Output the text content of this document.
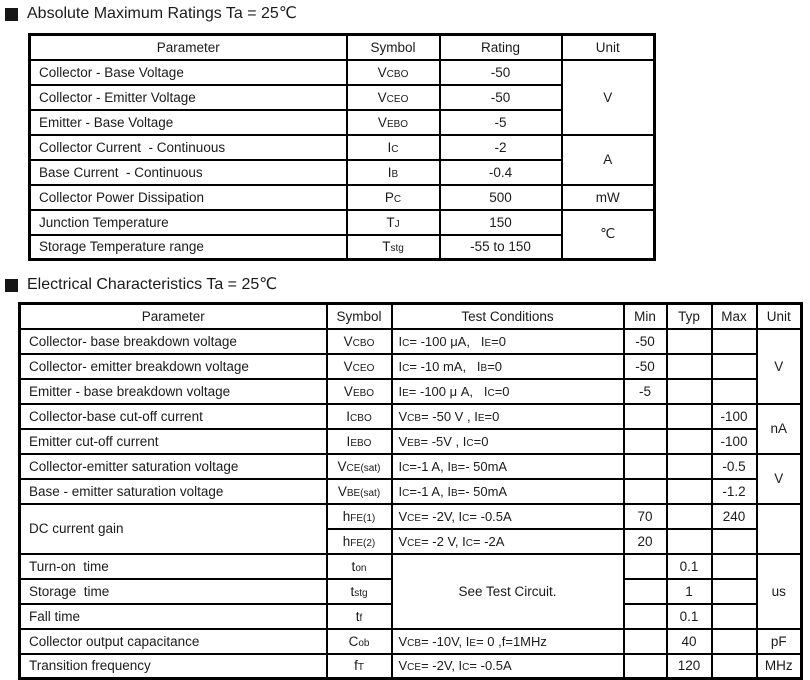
Absolute Maximum Ratings Ta = 25℃
Parameter	Symbol	Rating	Unit
Collector - Base Voltage	VCBO	-50	V
Collector - Emitter Voltage	VCEO	-50	
Emitter - Base Voltage	VEBO	-5	
Collector Current  - Continuous	IC	-2	A
Base Current  - Continuous	IB	-0.4	
Collector Power Dissipation	PC	500	mW
Junction Temperature	TJ	150	℃
Storage Temperature range	Tstg	-55 to 150	
Electrical Characteristics Ta = 25℃
Parameter	Symbol	Test Conditions	Min	Typ	Max	Unit
Collector- base breakdown voltage	VCBO	IC= -100 μA,   IE=0	-50			V
Collector- emitter breakdown voltage	VCEO	IC= -10 mA,   IB=0	-50			
Emitter - base breakdown voltage	VEBO	IE= -100 μ A,   IC=0	-5			
Collector-base cut-off current	ICBO	VCB= -50 V , IE=0			-100	nA
Emitter cut-off current	IEBO	VEB= -5V , IC=0			-100	
Collector-emitter saturation voltage	VCE(sat)	IC=-1 A, IB=- 50mA			-0.5	V
Base - emitter saturation voltage	VBE(sat)	IC=-1 A, IB=- 50mA			-1.2	
DC current gain	hFE(1)	VCE= -2V, IC= -0.5A	70		240	
	hFE(2)	VCE= -2 V, IC= -2A	20			
Turn-on  time	ton	See Test Circuit.		0.1		us
Storage  time	tstg			1		
Fall time	tf			0.1		
Collector output capacitance	Cob	VCB= -10V, IE= 0 ,f=1MHz		40		pF
Transition frequency	fT	VCE= -2V, IC= -0.5A		120		MHz
